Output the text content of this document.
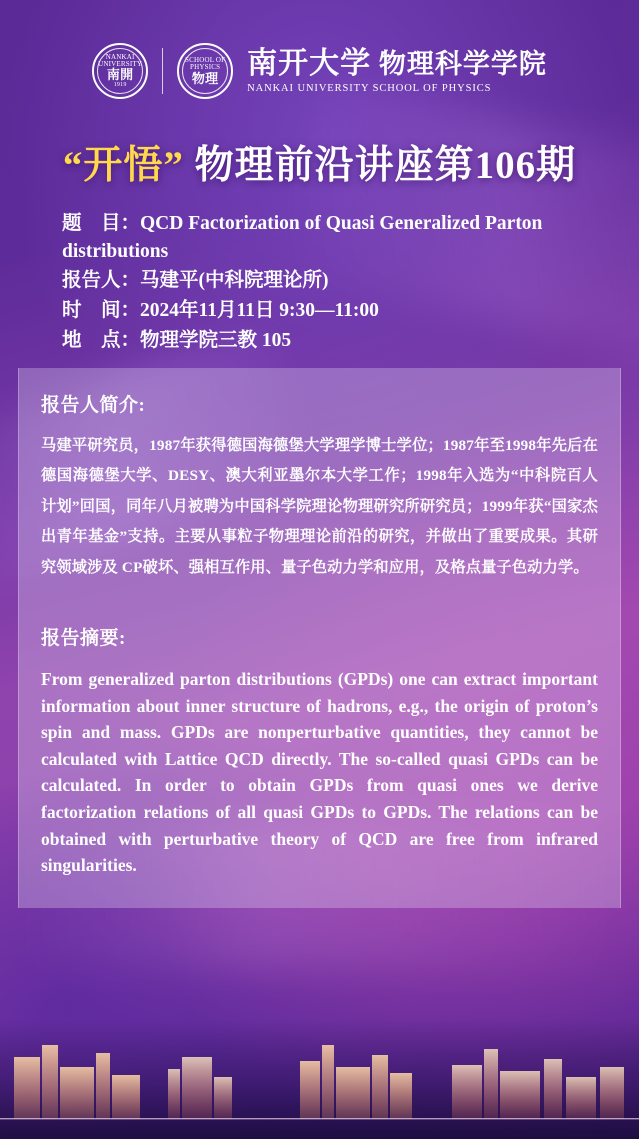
NANKAI UNIVERSITY
南開
1919
SCHOOL OF PHYSICS
物理 南开大学 物理科学学院
NANKAI UNIVERSITY SCHOOL OF PHYSICS
“开悟” 物理前沿讲座第106期
题　目：QCD Factorization of Quasi Generalized Parton distributions
报告人：马建平(中科院理论所)
时　间：2024年11月11日 9:30—11:00
地　点：物理学院三教 105
报告人简介:
马建平研究员，1987年获得德国海德堡大学理学博士学位；1987年至1998年先后在德国海德堡大学、DESY、澳大利亚墨尔本大学工作；1998年入选为“中科院百人计划”回国，同年八月被聘为中国科学院理论物理研究所研究员；1999年获“国家杰出青年基金”支持。主要从事粒子物理理论前沿的研究，并做出了重要成果。其研究领域涉及 CP破坏、强相互作用、量子色动力学和应用，及格点量子色动力学。
报告摘要:
From generalized parton distributions (GPDs) one can extract important information about inner structure of hadrons, e.g., the origin of proton’s spin and mass. GPDs are nonperturbative quantities, they cannot be calculated with Lattice QCD directly. The so-called quasi GPDs can be calculated. In order to obtain GPDs from quasi ones we derive factorization relations of all quasi GPDs to GPDs. The relations can be obtained with perturbative theory of QCD are free from infrared singularities.
